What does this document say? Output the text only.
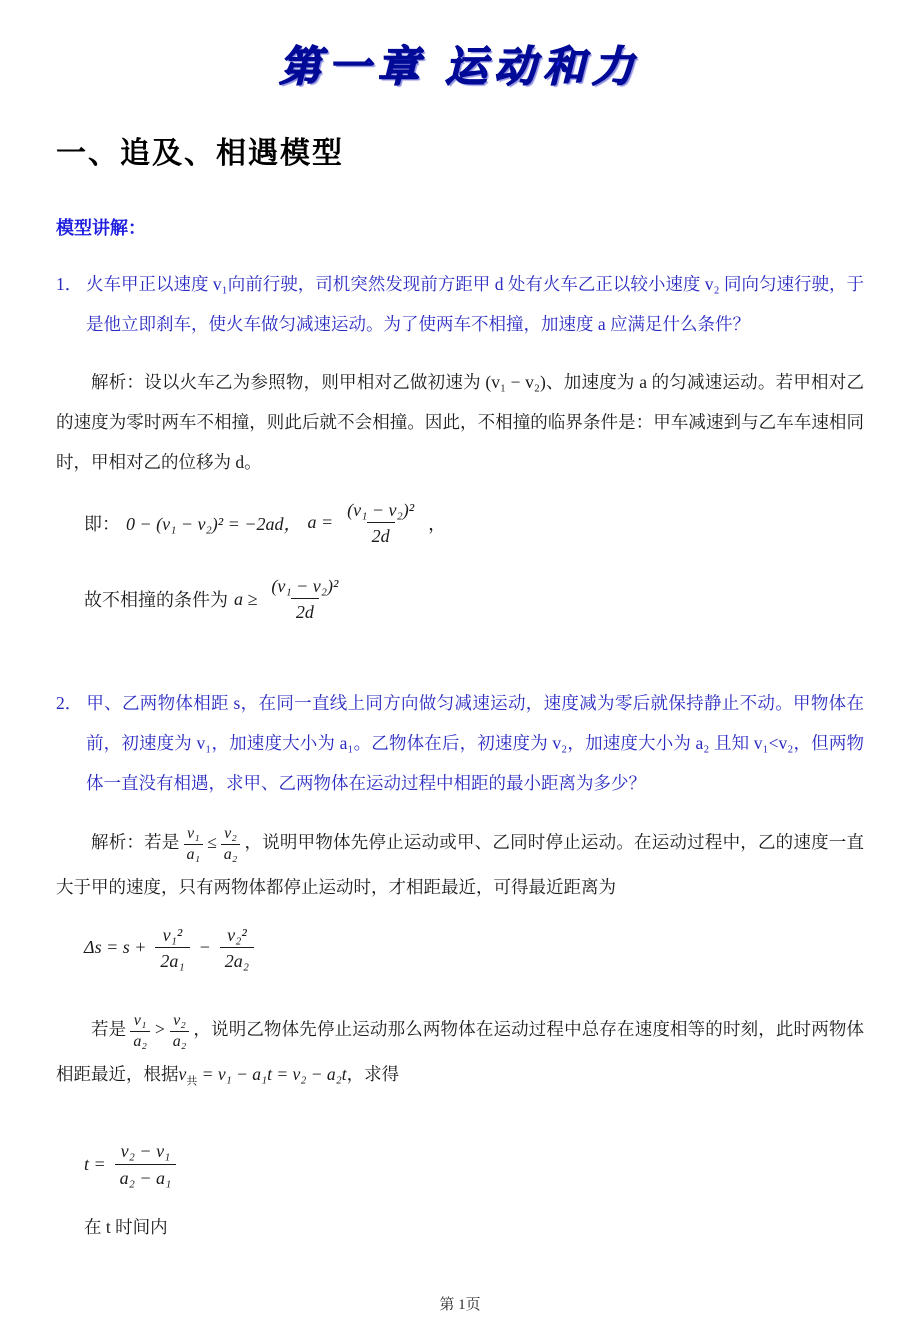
第一章 运动和力
一、追及、相遇模型
模型讲解：

1． 火车甲正以速度 v₁向前行驶，司机突然发现前方距甲 d 处有火车乙正以较小速度 v₂ 同向匀速行驶，于是他立即刹车，使火车做匀减速运动。为了使两车不相撞，加速度 a 应满足什么条件？

解析：设以火车乙为参照物，则甲相对乙做初速为 (v₁ − v₂)、加速度为 a 的匀减速运动。若甲相对乙的速度为零时两车不相撞，则此后就不会相撞。因此，不相撞的临界条件是：甲车减速到与乙车车速相同时，甲相对乙的位移为 d。

即： 0 − (v₁ − v₂)² = −2ad， $a = \frac{\text{(v₁ − v₂)²}}{2d}$ ，
故不相撞的条件为 $a \ge \frac{\text{(v₁ − v₂)²}}{2d}$

2． 甲、乙两物体相距 s，在同一直线上同方向做匀减速运动，速度减为零后就保持静止不动。甲物体在前，初速度为 v₁，加速度大小为 a₁。乙物体在后，初速度为 v₂，加速度大小为 a₂ 且知 v₁<v₂，但两物体一直没有相遇，求甲、乙两物体在运动过程中相距的最小距离为多少？

解析：若是 $\frac{\text{v₁}}{\text{a₁}} \le \frac{\text{v₂}}{\text{a₂}}$ ，说明甲物体先停止运动或甲、乙同时停止运动。在运动过程中，乙的速度一直大于甲的速度，只有两物体都停止运动时，才相距最近，可得最近距离为

$\Delta s = s + \frac{\text{v₁²}}{\text{2a₁}} - \frac{\text{v₂²}}{\text{2a₂}}$

若是 $\frac{\text{v₁}}{\text{a₂}} > \frac{\text{v₂}}{\text{a₂}}$ ，说明乙物体先停止运动那么两物体在运动过程中总存在速度相等的时刻，此时两物体相距最近，根据$v_共 = v_1 - a_1t = v_2 - a_2t$，求得

$t = \frac{\text{v₂ − v₁}}{\text{a₂ − a₁}}$

在 t 时间内

第 1页
